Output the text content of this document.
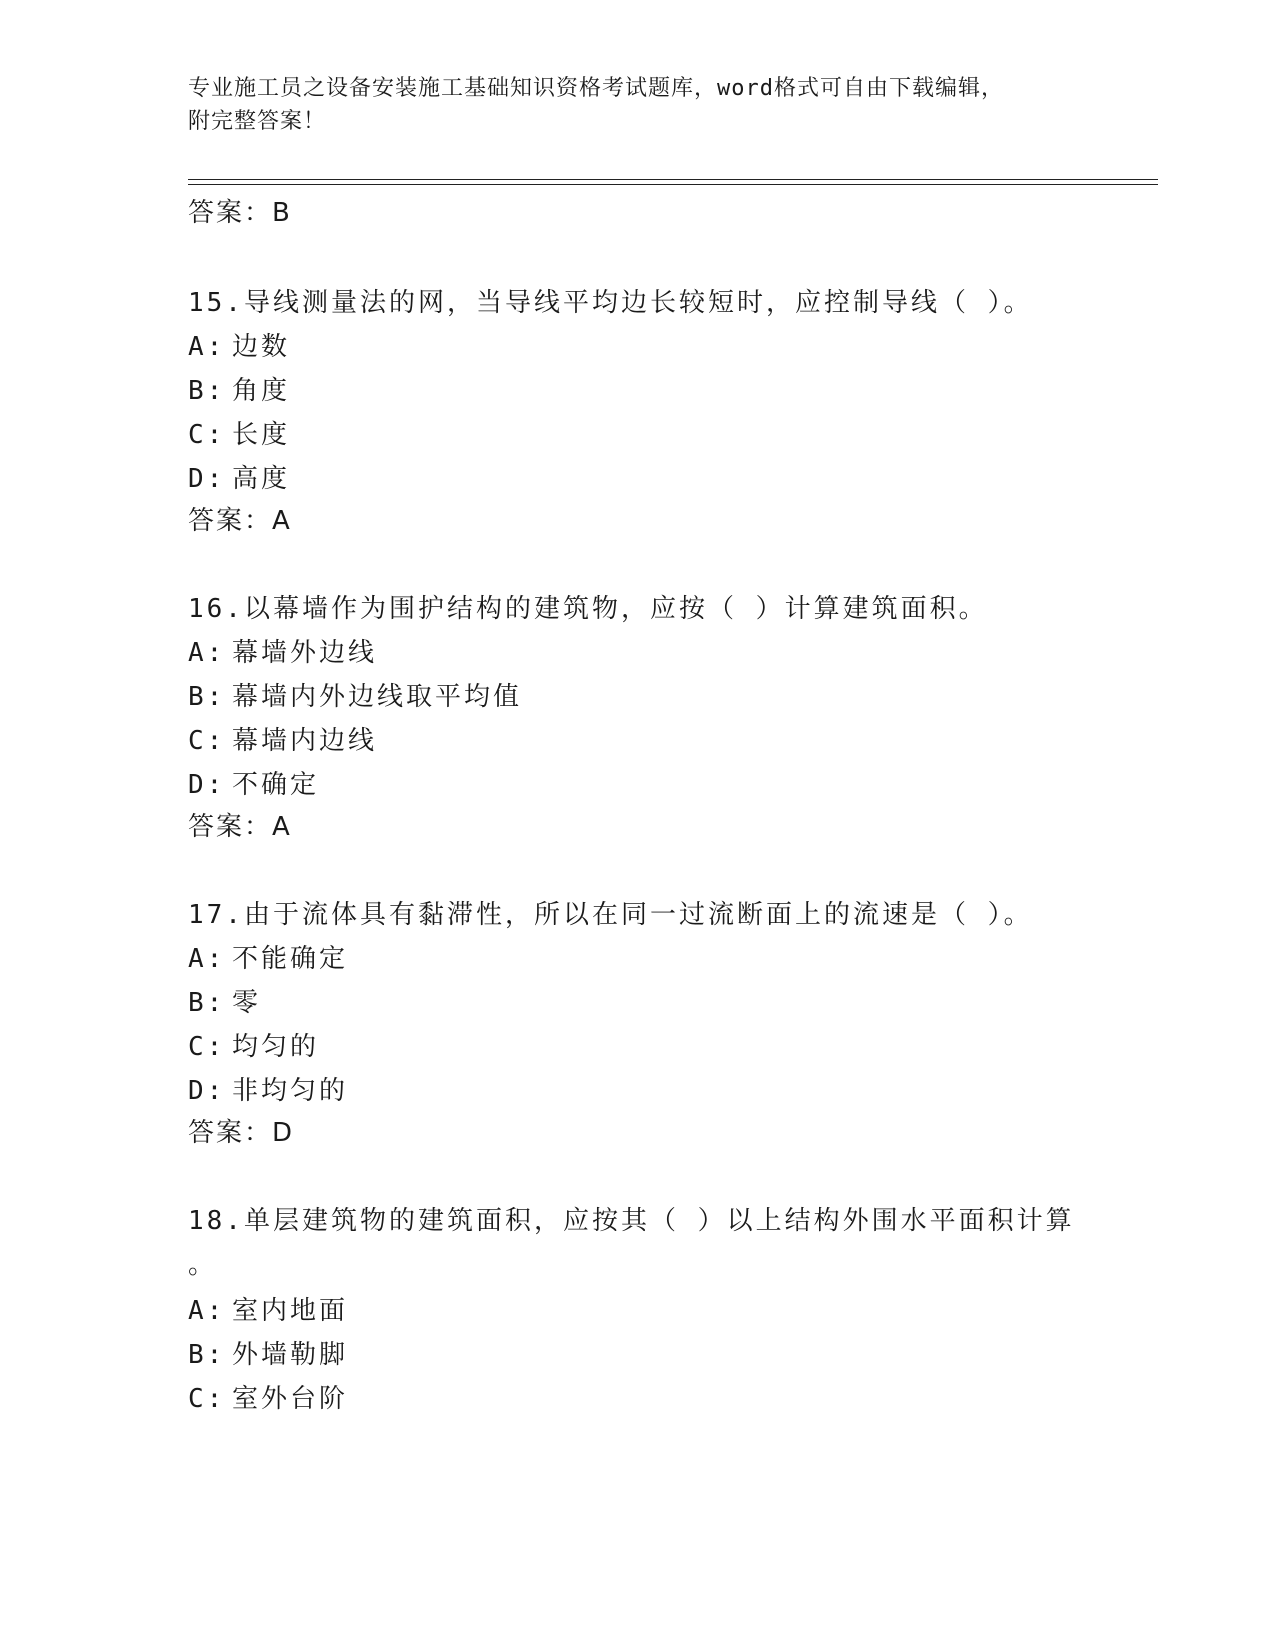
专业施工员之设备安装施工基础知识资格考试题库，word格式可自由下载编辑，
附完整答案！
答案：B
15.导线测量法的网，当导线平均边长较短时，应控制导线（ ）。
A: 边数
B: 角度
C: 长度
D: 高度
答案：A
16.以幕墙作为围护结构的建筑物，应按（ ）计算建筑面积。
A: 幕墙外边线
B: 幕墙内外边线取平均值
C: 幕墙内边线
D: 不确定
答案：A
17.由于流体具有黏滞性，所以在同一过流断面上的流速是（ ）。
A: 不能确定
B: 零
C: 均匀的
D: 非均匀的
答案：D
18.单层建筑物的建筑面积，应按其（ ）以上结构外围水平面积计算
。
A: 室内地面
B: 外墙勒脚
C: 室外台阶
